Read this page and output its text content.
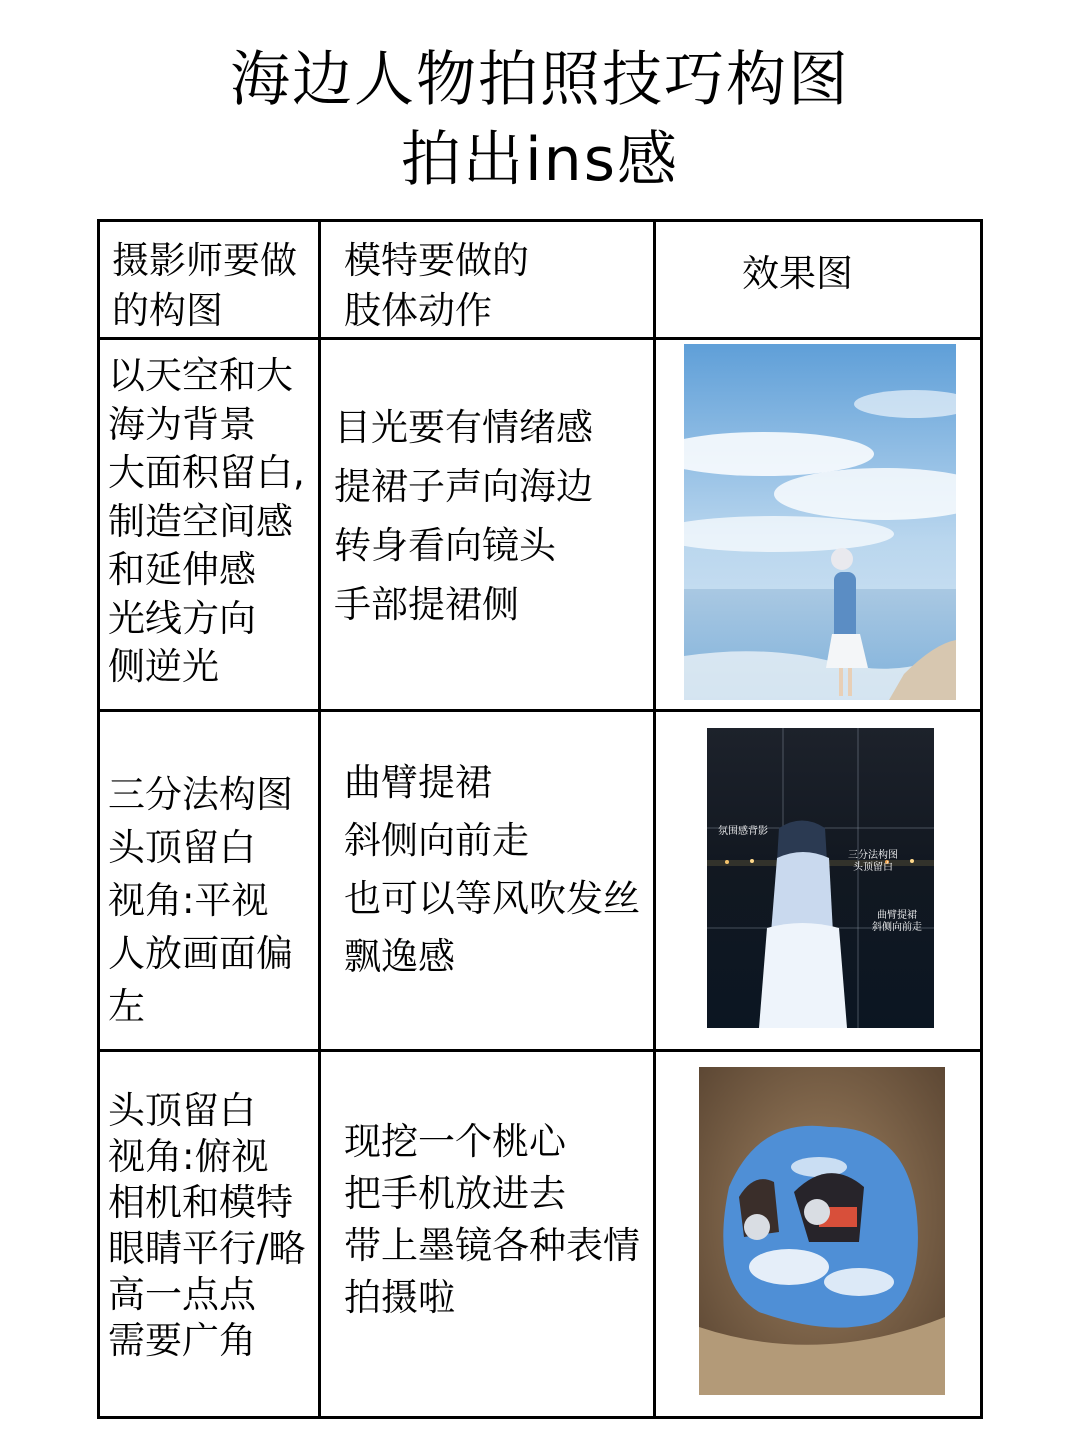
海边人物拍照技巧构图
拍出ins感
摄影师要做
的构图
模特要做的
肢体动作
效果图
以天空和大
海为背景
大面积留白,
制造空间感
和延伸感
光线方向
侧逆光
目光要有情绪感
提裙子声向海边
转身看向镜头
手部提裙侧
三分法构图
头顶留白
视角:平视
人放画面偏
左
曲臂提裙
斜侧向前走
也可以等风吹发丝
飘逸感
氛围感背影
三分法构图
头顶留白
曲臂提裙
斜侧向前走
头顶留白
视角:俯视
相机和模特
眼睛平行/略
高一点点
需要广角
现挖一个桃心
把手机放进去
带上墨镜各种表情
拍摄啦
